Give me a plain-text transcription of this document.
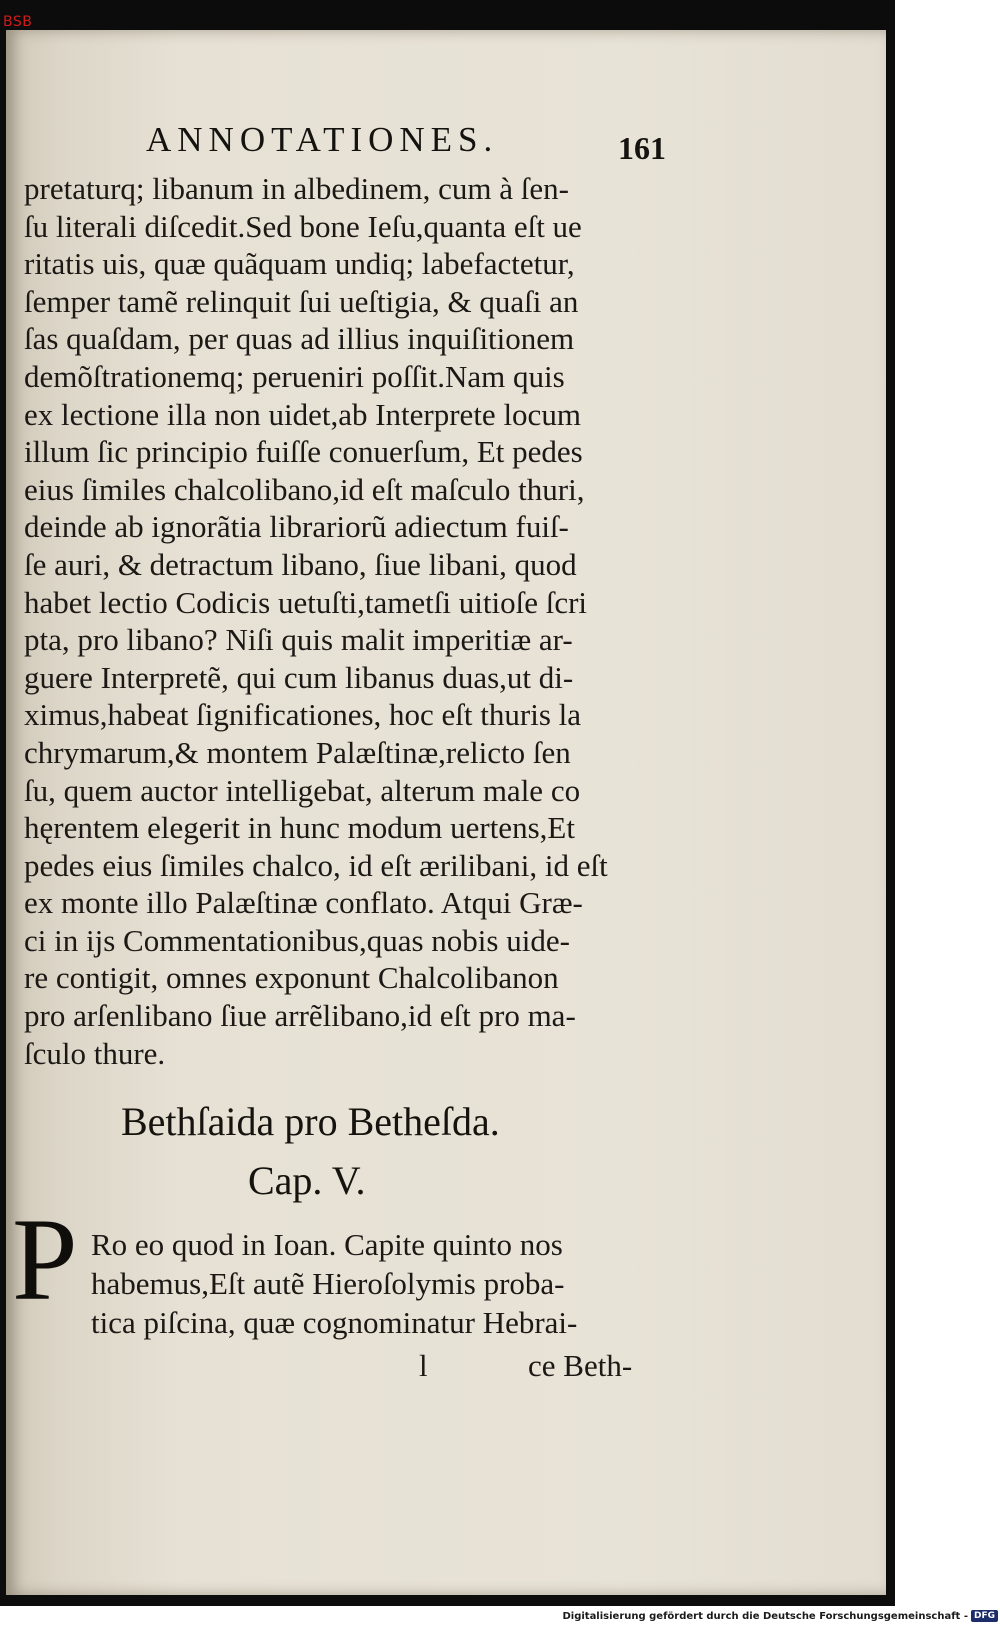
ANNOTATIONES.	161
pretaturq; libanum in albedinem, cum à ſen-
ſu literali diſcedit.Sed bone Ieſu,quanta eſt ue
ritatis uis, quæ quãquam undiq; labefactetur,
ſemper tamẽ relinquit ſui ueſtigia, & quaſi an
ſas quaſdam, per quas ad illius inquiſitionem
demõſtrationemq; perueniri poſſit.Nam quis
ex lectione illa non uidet,ab Interprete locum
illum ſic principio fuiſſe conuerſum, Et pedes
eius ſimiles chalcolibano,id eſt maſculo thuri,
deinde ab ignorãtia librariorũ adiectum fuiſ-
ſe auri, & detractum libano, ſiue libani, quod
habet lectio Codicis uetuſti,tametſi uitioſe ſcri
pta, pro libano? Niſi quis malit imperitiæ ar-
guere Interpretẽ, qui cum libanus duas,ut di-
ximus,habeat ſignificationes, hoc eſt thuris la
chrymarum,& montem Palæſtinæ,relicto ſen
ſu, quem auctor intelligebat, alterum male co
hęrentem elegerit in hunc modum uertens,Et
pedes eius ſimiles chalco, id eſt ærilibani, id eſt
ex monte illo Palæſtinæ conflato. Atqui Græ-
ci in ijs Commentationibus,quas nobis uide-
re contigit, omnes exponunt Chalcolibanon
pro arſenlibano ſiue arrẽlibano,id eſt pro ma-
ſculo thure.
Bethſaida pro Betheſda.
Cap. V.
P Ro eo quod in Ioan. Capite quinto nos
habemus,Eſt autẽ Hieroſolymis proba-
tica piſcina, quæ cognominatur Hebrai-
l	ce Beth-
BSB
Digitalisierung gefördert durch die Deutsche Forschungsgemeinschaft - DFG
